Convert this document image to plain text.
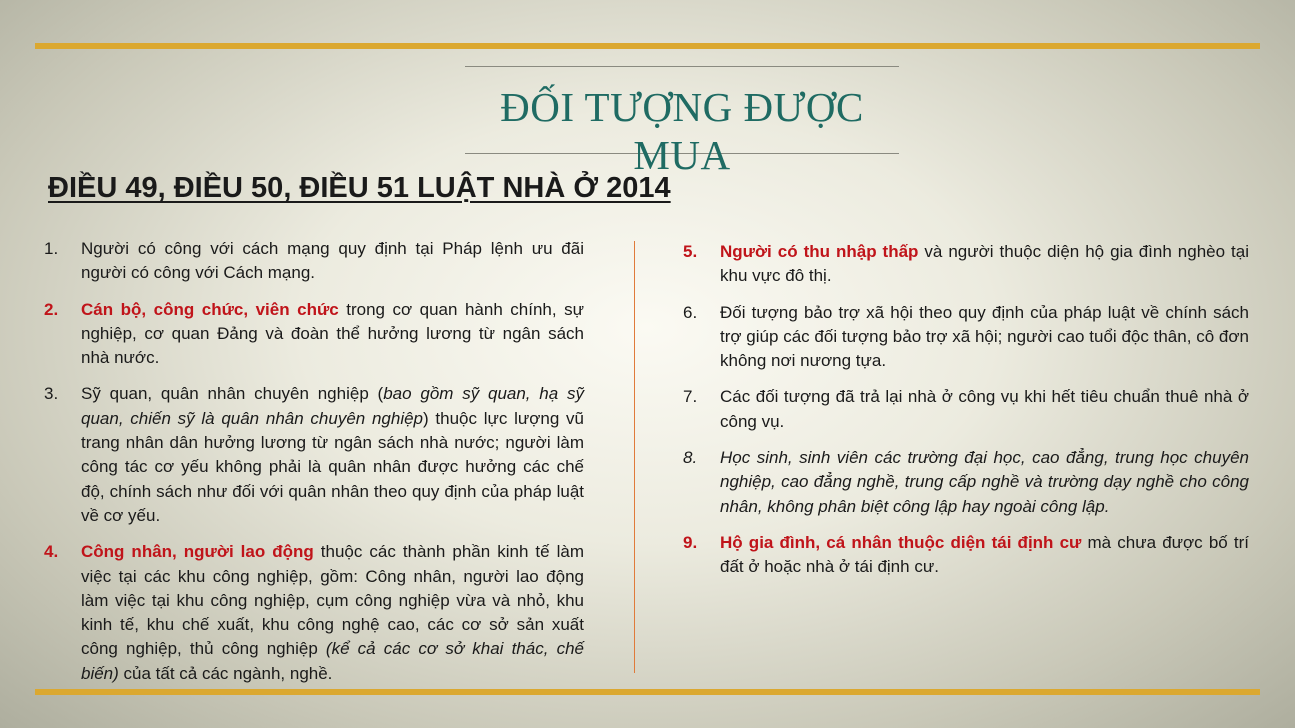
ĐỐI TƯỢNG ĐƯỢC MUA
ĐIỀU 49, ĐIỀU 50, ĐIỀU 51 LUẬT NHÀ Ở 2014
1.	Người có công với cách mạng quy định tại Pháp lệnh ưu đãi người có công với Cách mạng.
2.	Cán bộ, công chức, viên chức trong cơ quan hành chính, sự nghiệp, cơ quan Đảng và đoàn thể hưởng lương từ ngân sách nhà nước.
3.	Sỹ quan, quân nhân chuyên nghiệp (bao gồm sỹ quan, hạ sỹ quan, chiến sỹ là quân nhân chuyên nghiệp) thuộc lực lượng vũ trang nhân dân hưởng lương từ ngân sách nhà nước; người làm công tác cơ yếu không phải là quân nhân được hưởng các chế độ, chính sách như đối với quân nhân theo quy định của pháp luật về cơ yếu.
4.	Công nhân, người lao động thuộc các thành phần kinh tế làm việc tại các khu công nghiệp, gồm: Công nhân, người lao động làm việc tại khu công nghiệp, cụm công nghiệp vừa và nhỏ, khu kinh tế, khu chế xuất, khu công nghệ cao, các cơ sở sản xuất công nghiệp, thủ công nghiệp (kể cả các cơ sở khai thác, chế biến) của tất cả các ngành, nghề.
5.	Người có thu nhập thấp và người thuộc diện hộ gia đình nghèo tại khu vực đô thị.
6.	Đối tượng bảo trợ xã hội theo quy định của pháp luật về chính sách trợ giúp các đối tượng bảo trợ xã hội; người cao tuổi độc thân, cô đơn không nơi nương tựa.
7.	Các đối tượng đã trả lại nhà ở công vụ khi hết tiêu chuẩn thuê nhà ở công vụ.
8.	Học sinh, sinh viên các trường đại học, cao đẳng, trung học chuyên nghiệp, cao đẳng nghề, trung cấp nghề và trường dạy nghề cho công nhân, không phân biệt công lập hay ngoài công lập.
9.	Hộ gia đình, cá nhân thuộc diện tái định cư mà chưa được bố trí đất ở hoặc nhà ở tái định cư.
